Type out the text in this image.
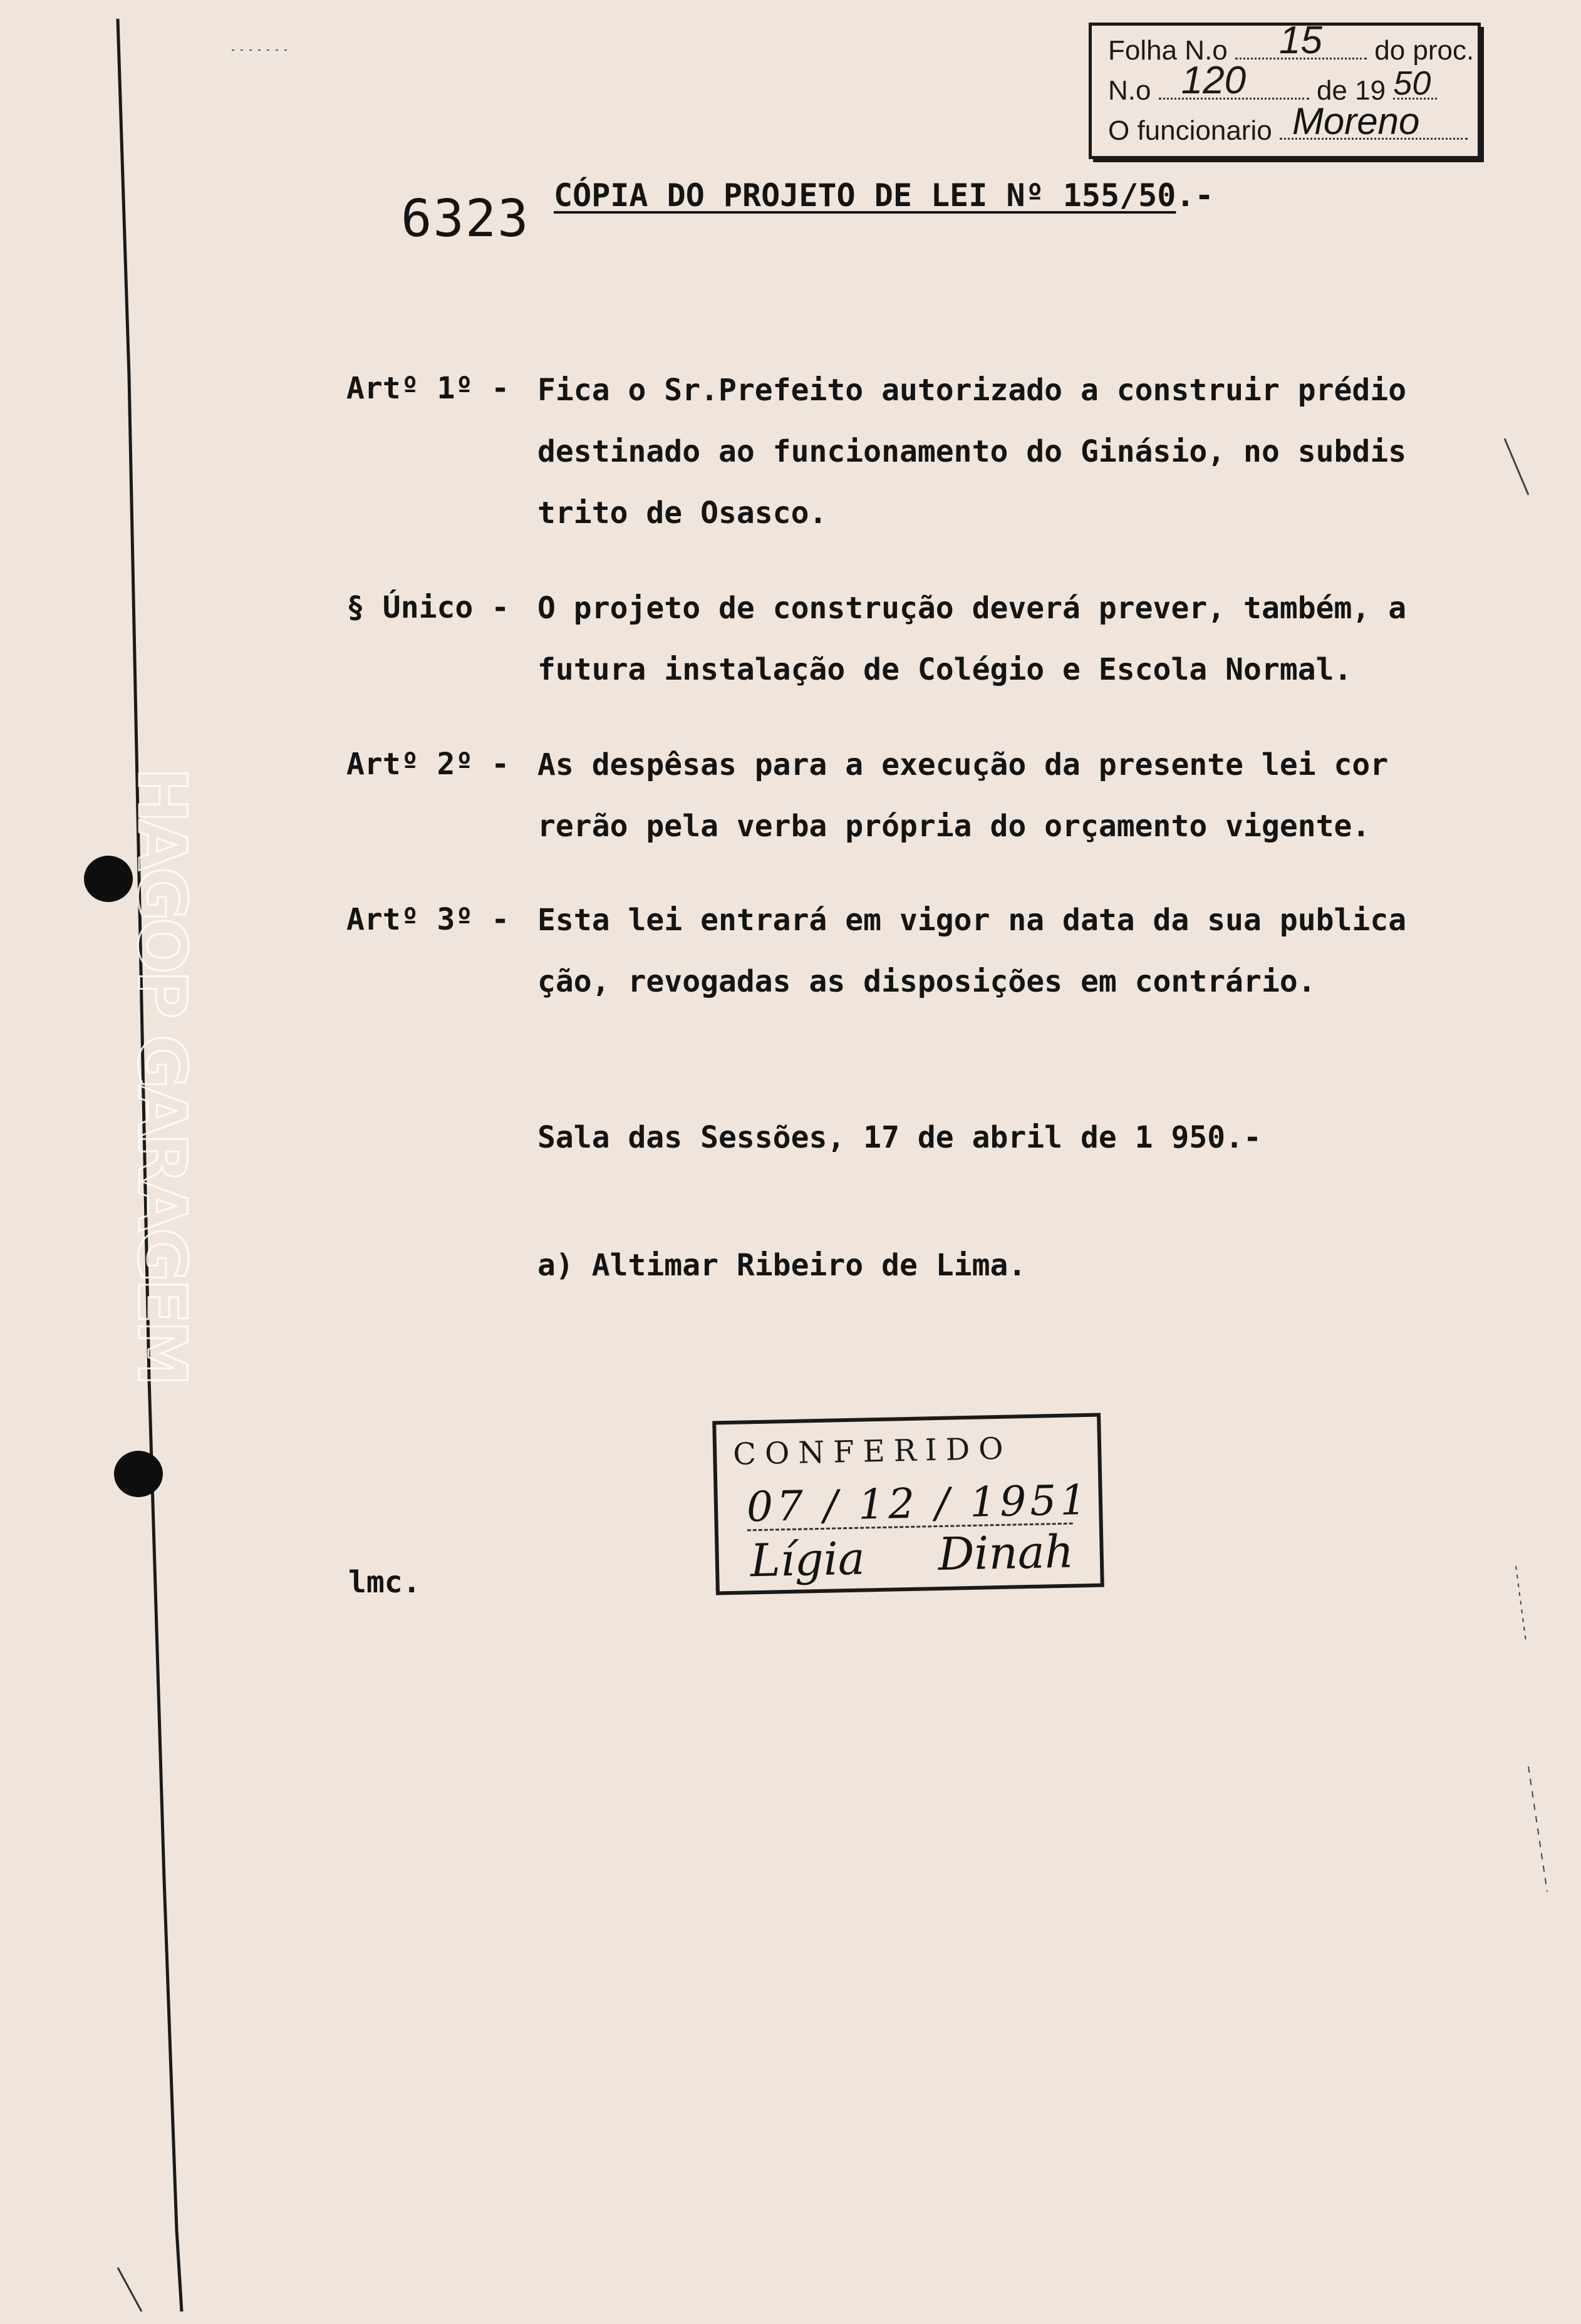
HAGOP GARAGEM
Folha N.o 15 do proc.
N.o 120	de 19 50
O funcionario Moreno
6323 CÓPIA DO PROJETO DE LEI Nº 155/50.-
Artº 1º - Fica o Sr.Prefeito autorizado a construir prédio
destinado ao funcionamento do Ginásio, no subdis
trito de Osasco.
§ Único - O projeto de construção deverá prever, também, a
futura instalação de Colégio e Escola Normal.
Artº 2º - As despêsas para a execução da presente lei cor
rerão pela verba própria do orçamento vigente.
Artº 3º - Esta lei entrará em vigor na data da sua publica
ção, revogadas as disposições em contrário.
Sala das Sessões, 17 de abril de 1 950.-
a) Altimar Ribeiro de Lima.
lmc.
CONFERIDO
07 / 12 / 1951
Lígia Dinah
